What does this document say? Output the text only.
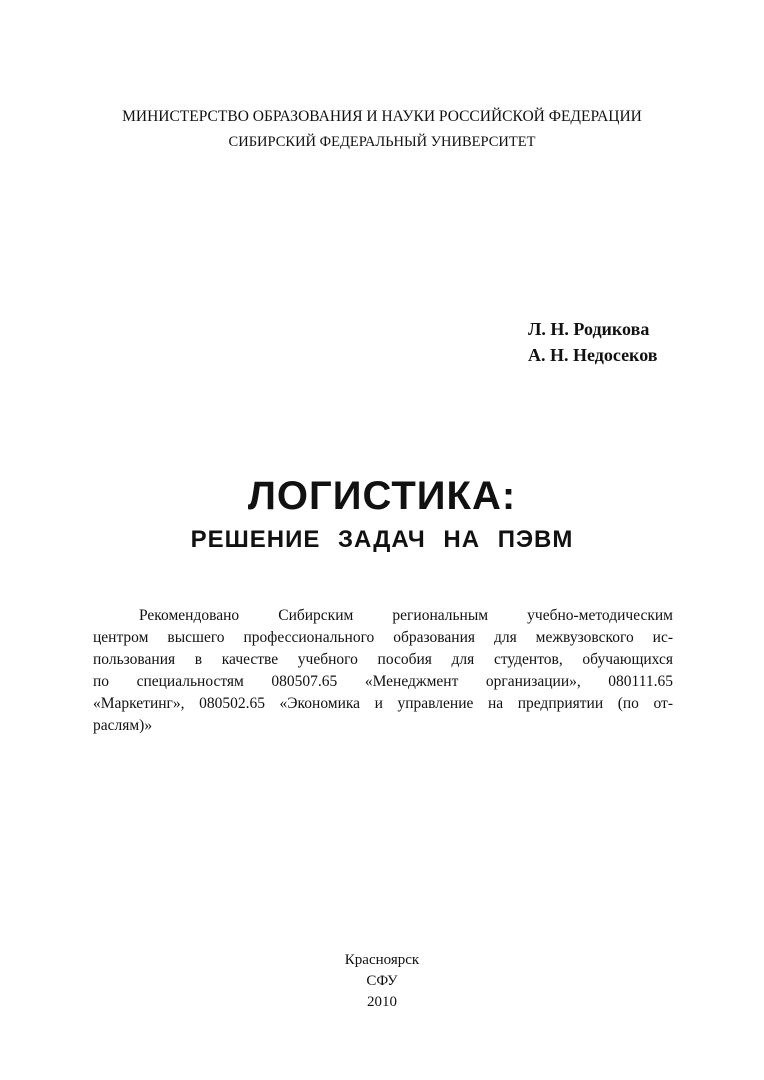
МИНИСТЕРСТВО ОБРАЗОВАНИЯ И НАУКИ РОССИЙСКОЙ ФЕДЕРАЦИИ
СИБИРСКИЙ ФЕДЕРАЛЬНЫЙ УНИВЕРСИТЕТ
Л. Н. Родикова
А. Н. Недосеков
ЛОГИСТИКА:
РЕШЕНИЕ ЗАДАЧ НА ПЭВМ
Рекомендовано Сибирским региональным учебно-методическим
центром высшего профессионального образования для межвузовского ис-
пользования в качестве учебного пособия для студентов, обучающихся
по специальностям 080507.65 «Менеджмент организации», 080111.65
«Маркетинг», 080502.65 «Экономика и управление на предприятии (по от-
раслям)»
Красноярск
СФУ
2010
